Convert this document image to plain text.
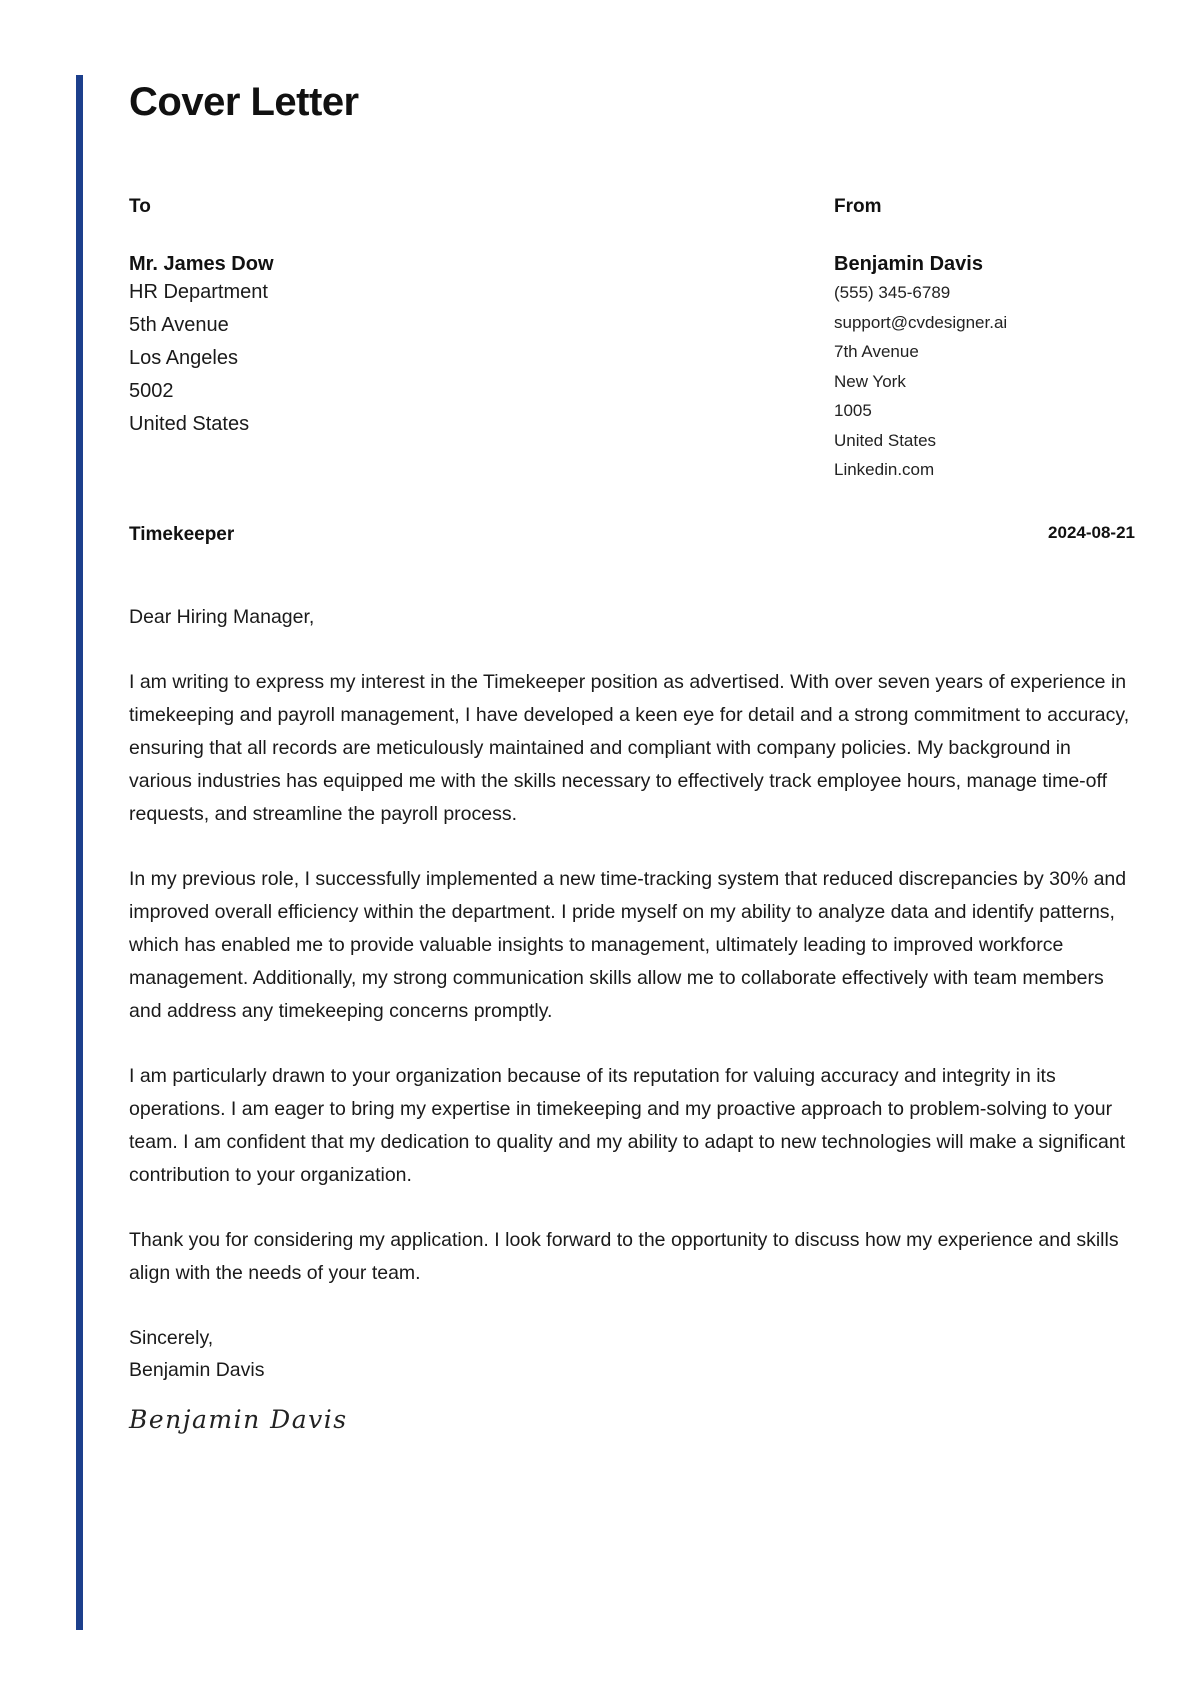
Cover Letter
To
Mr. James Dow
HR Department
5th Avenue
Los Angeles
5002
United States
From
Benjamin Davis
(555) 345-6789
support@cvdesigner.ai
7th Avenue
New York
1005
United States
Linkedin.com
Timekeeper	2024-08-21

Dear Hiring Manager,

I am writing to express my interest in the Timekeeper position as advertised. With over seven years of experience in timekeeping and payroll management, I have developed a keen eye for detail and a strong commitment to accuracy, ensuring that all records are meticulously maintained and compliant with company policies. My background in various industries has equipped me with the skills necessary to effectively track employee hours, manage time-off requests, and streamline the payroll process.

In my previous role, I successfully implemented a new time-tracking system that reduced discrepancies by 30% and improved overall efficiency within the department. I pride myself on my ability to analyze data and identify patterns, which has enabled me to provide valuable insights to management, ultimately leading to improved workforce management. Additionally, my strong communication skills allow me to collaborate effectively with team members and address any timekeeping concerns promptly.

I am particularly drawn to your organization because of its reputation for valuing accuracy and integrity in its operations. I am eager to bring my expertise in timekeeping and my proactive approach to problem-solving to your team. I am confident that my dedication to quality and my ability to adapt to new technologies will make a significant contribution to your organization.

Thank you for considering my application. I look forward to the opportunity to discuss how my experience and skills align with the needs of your team.

Sincerely,
Benjamin Davis
Benjamin Davis
